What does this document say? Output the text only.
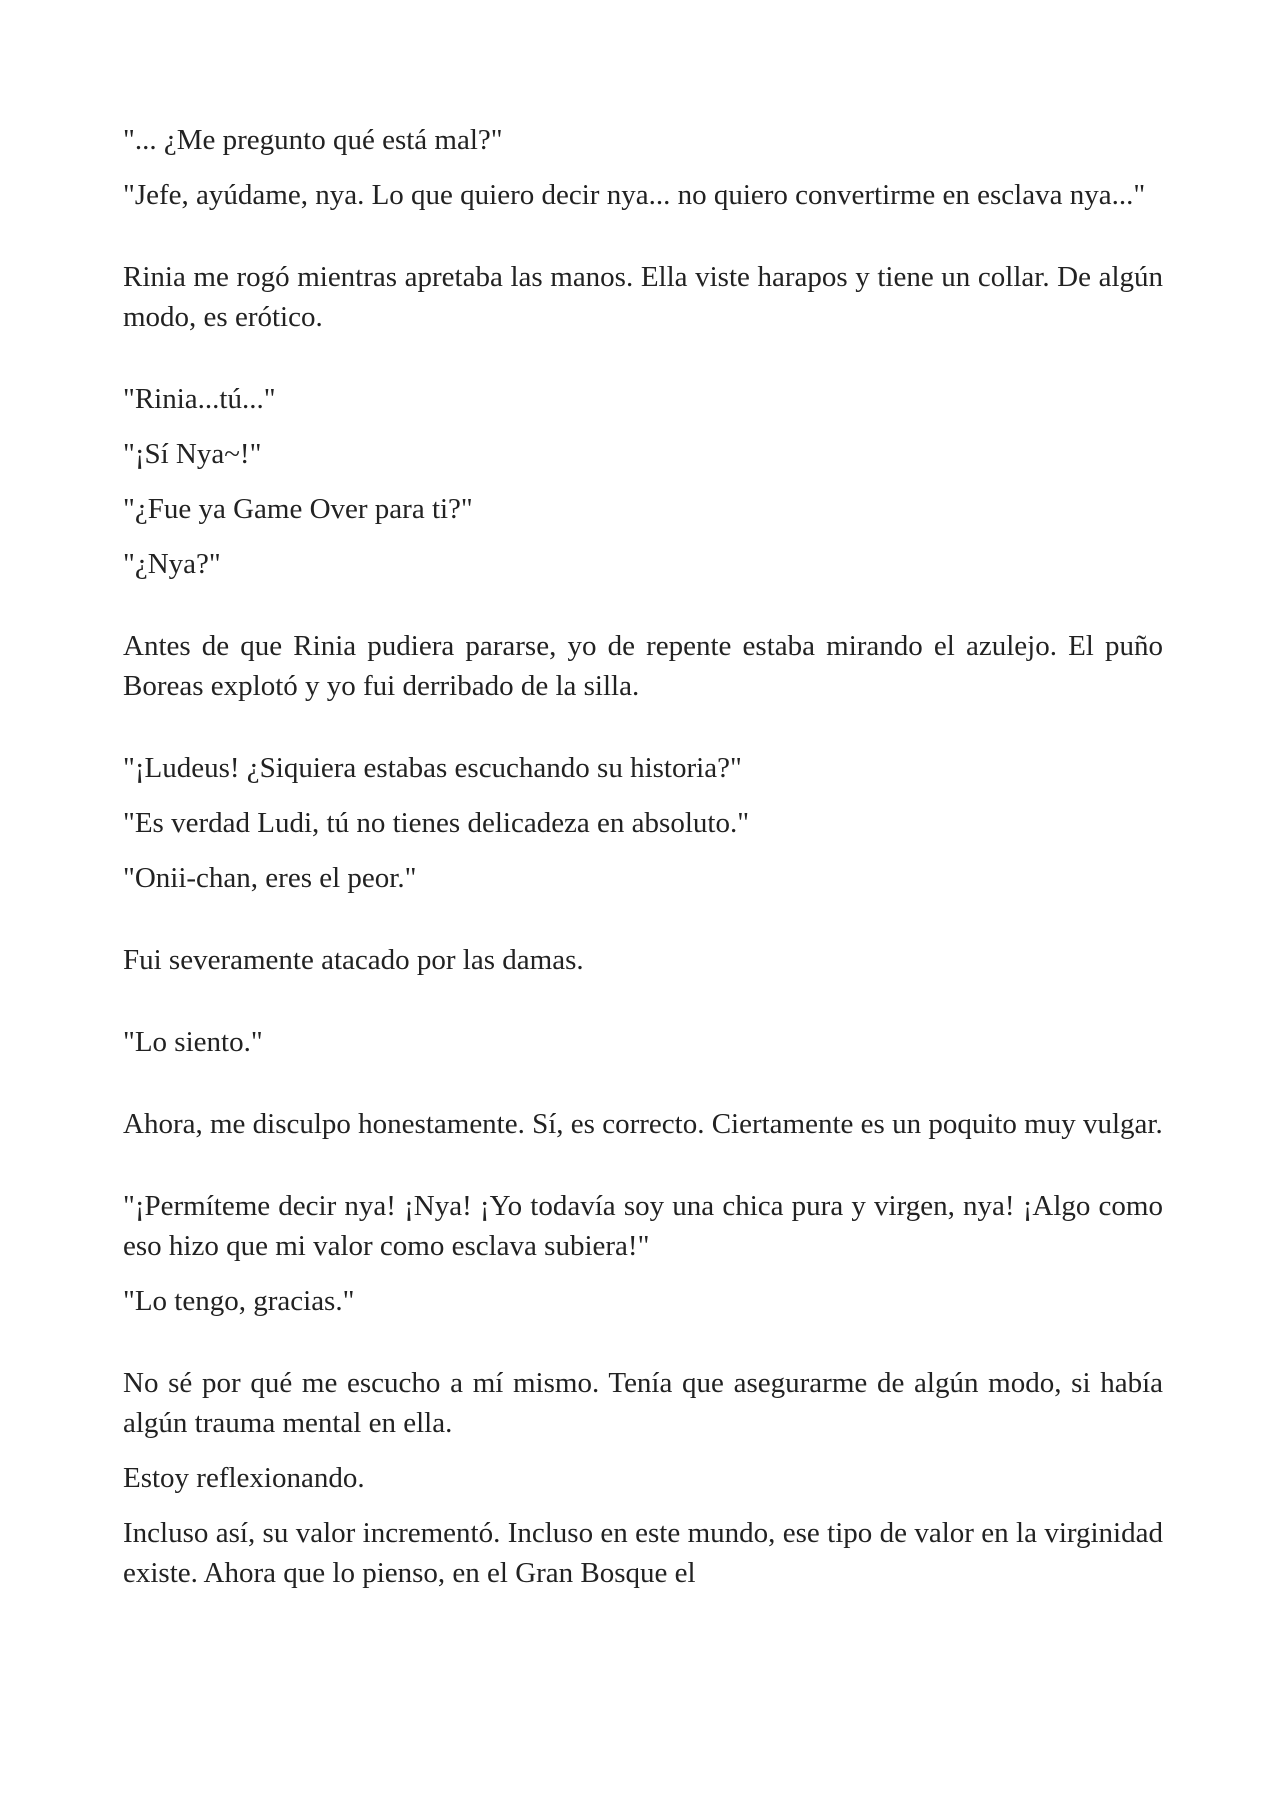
"... ¿Me pregunto qué está mal?"

"Jefe, ayúdame, nya. Lo que quiero decir nya... no quiero convertirme en esclava nya..."

Rinia me rogó mientras apretaba las manos. Ella viste harapos y tiene un collar. De algún modo, es erótico.

"Rinia...tú..."

"¡Sí Nya~!"

"¿Fue ya Game Over para ti?"

"¿Nya?"

Antes de que Rinia pudiera pararse, yo de repente estaba mirando el azulejo. El puño Boreas explotó y yo fui derribado de la silla.

"¡Ludeus! ¿Siquiera estabas escuchando su historia?"

"Es verdad Ludi, tú no tienes delicadeza en absoluto."

"Onii-chan, eres el peor."

Fui severamente atacado por las damas.

"Lo siento."

Ahora, me disculpo honestamente. Sí, es correcto. Ciertamente es un poquito muy vulgar.

"¡Permíteme decir nya! ¡Nya! ¡Yo todavía soy una chica pura y virgen, nya! ¡Algo como eso hizo que mi valor como esclava subiera!"

"Lo tengo, gracias."

No sé por qué me escucho a mí mismo. Tenía que asegurarme de algún modo, si había algún trauma mental en ella.

Estoy reflexionando.

Incluso así, su valor incrementó. Incluso en este mundo, ese tipo de valor en la virginidad existe. Ahora que lo pienso, en el Gran Bosque el
